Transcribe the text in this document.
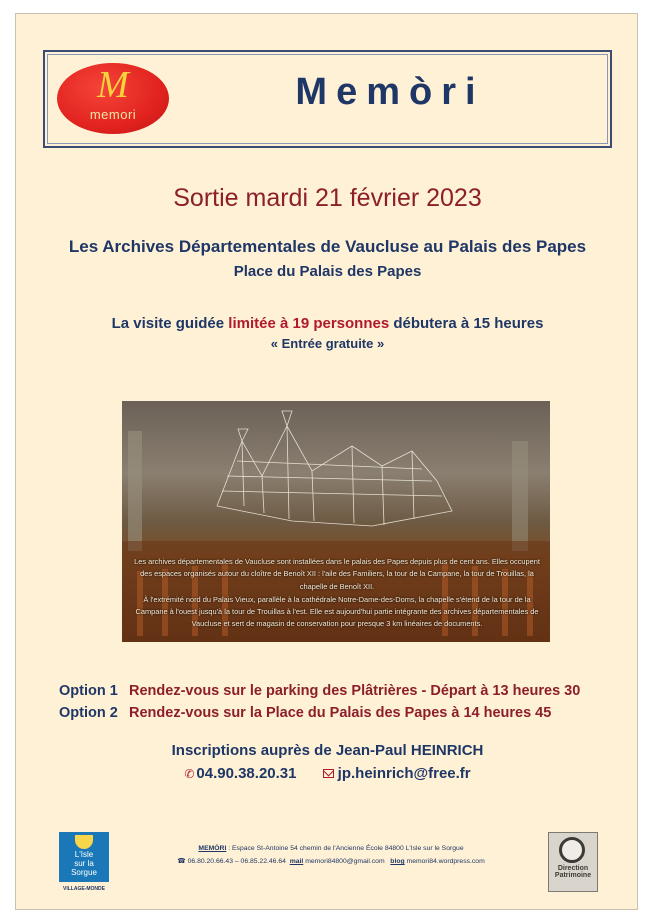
M
memori
Memòri
Sortie mardi 21 février 2023
Les Archives Départementales de Vaucluse au Palais des Papes
Place du Palais des Papes
La visite guidée limitée à 19 personnes débutera à 15 heures
« Entrée gratuite »

Les archives départementales de Vaucluse sont installées dans le palais des Papes depuis plus de cent ans. Elles occupent des espaces organisés autour du cloître de Benoît XII : l'aile des Familiers, la tour de la Campane, la tour de Trouillas, la chapelle de Benoît XII.

À l'extrémité nord du Palais Vieux, parallèle à la cathédrale Notre-Dame-des-Doms, la chapelle s'étend de la tour de la Campane à l'ouest jusqu'à la tour de Trouillas à l'est. Elle est aujourd'hui partie intégrante des archives départementales de Vaucluse et sert de magasin de conservation pour presque 3 km linéaires de documents.

Option 1 Rendez-vous sur le parking des Plâtrières - Départ à 13 heures 30
Option 2 Rendez-vous sur la Place du Palais des Papes à 14 heures 45
Inscriptions auprès de Jean-Paul HEINRICH
✆ 04.90.38.20.31	jp.heinrich@free.fr
L'Isle
sur la
Sorgue
VILLAGE-MONDE
MEMÒRI : Espace St-Antoine 54 chemin de l'Ancienne École 84800 L'Isle sur le Sorgue
☎ 06.80.20.66.43 – 06.85.22.46.64 mail memori84800@gmail.com blog memori84.wordpress.com
Direction
Patrimoine
